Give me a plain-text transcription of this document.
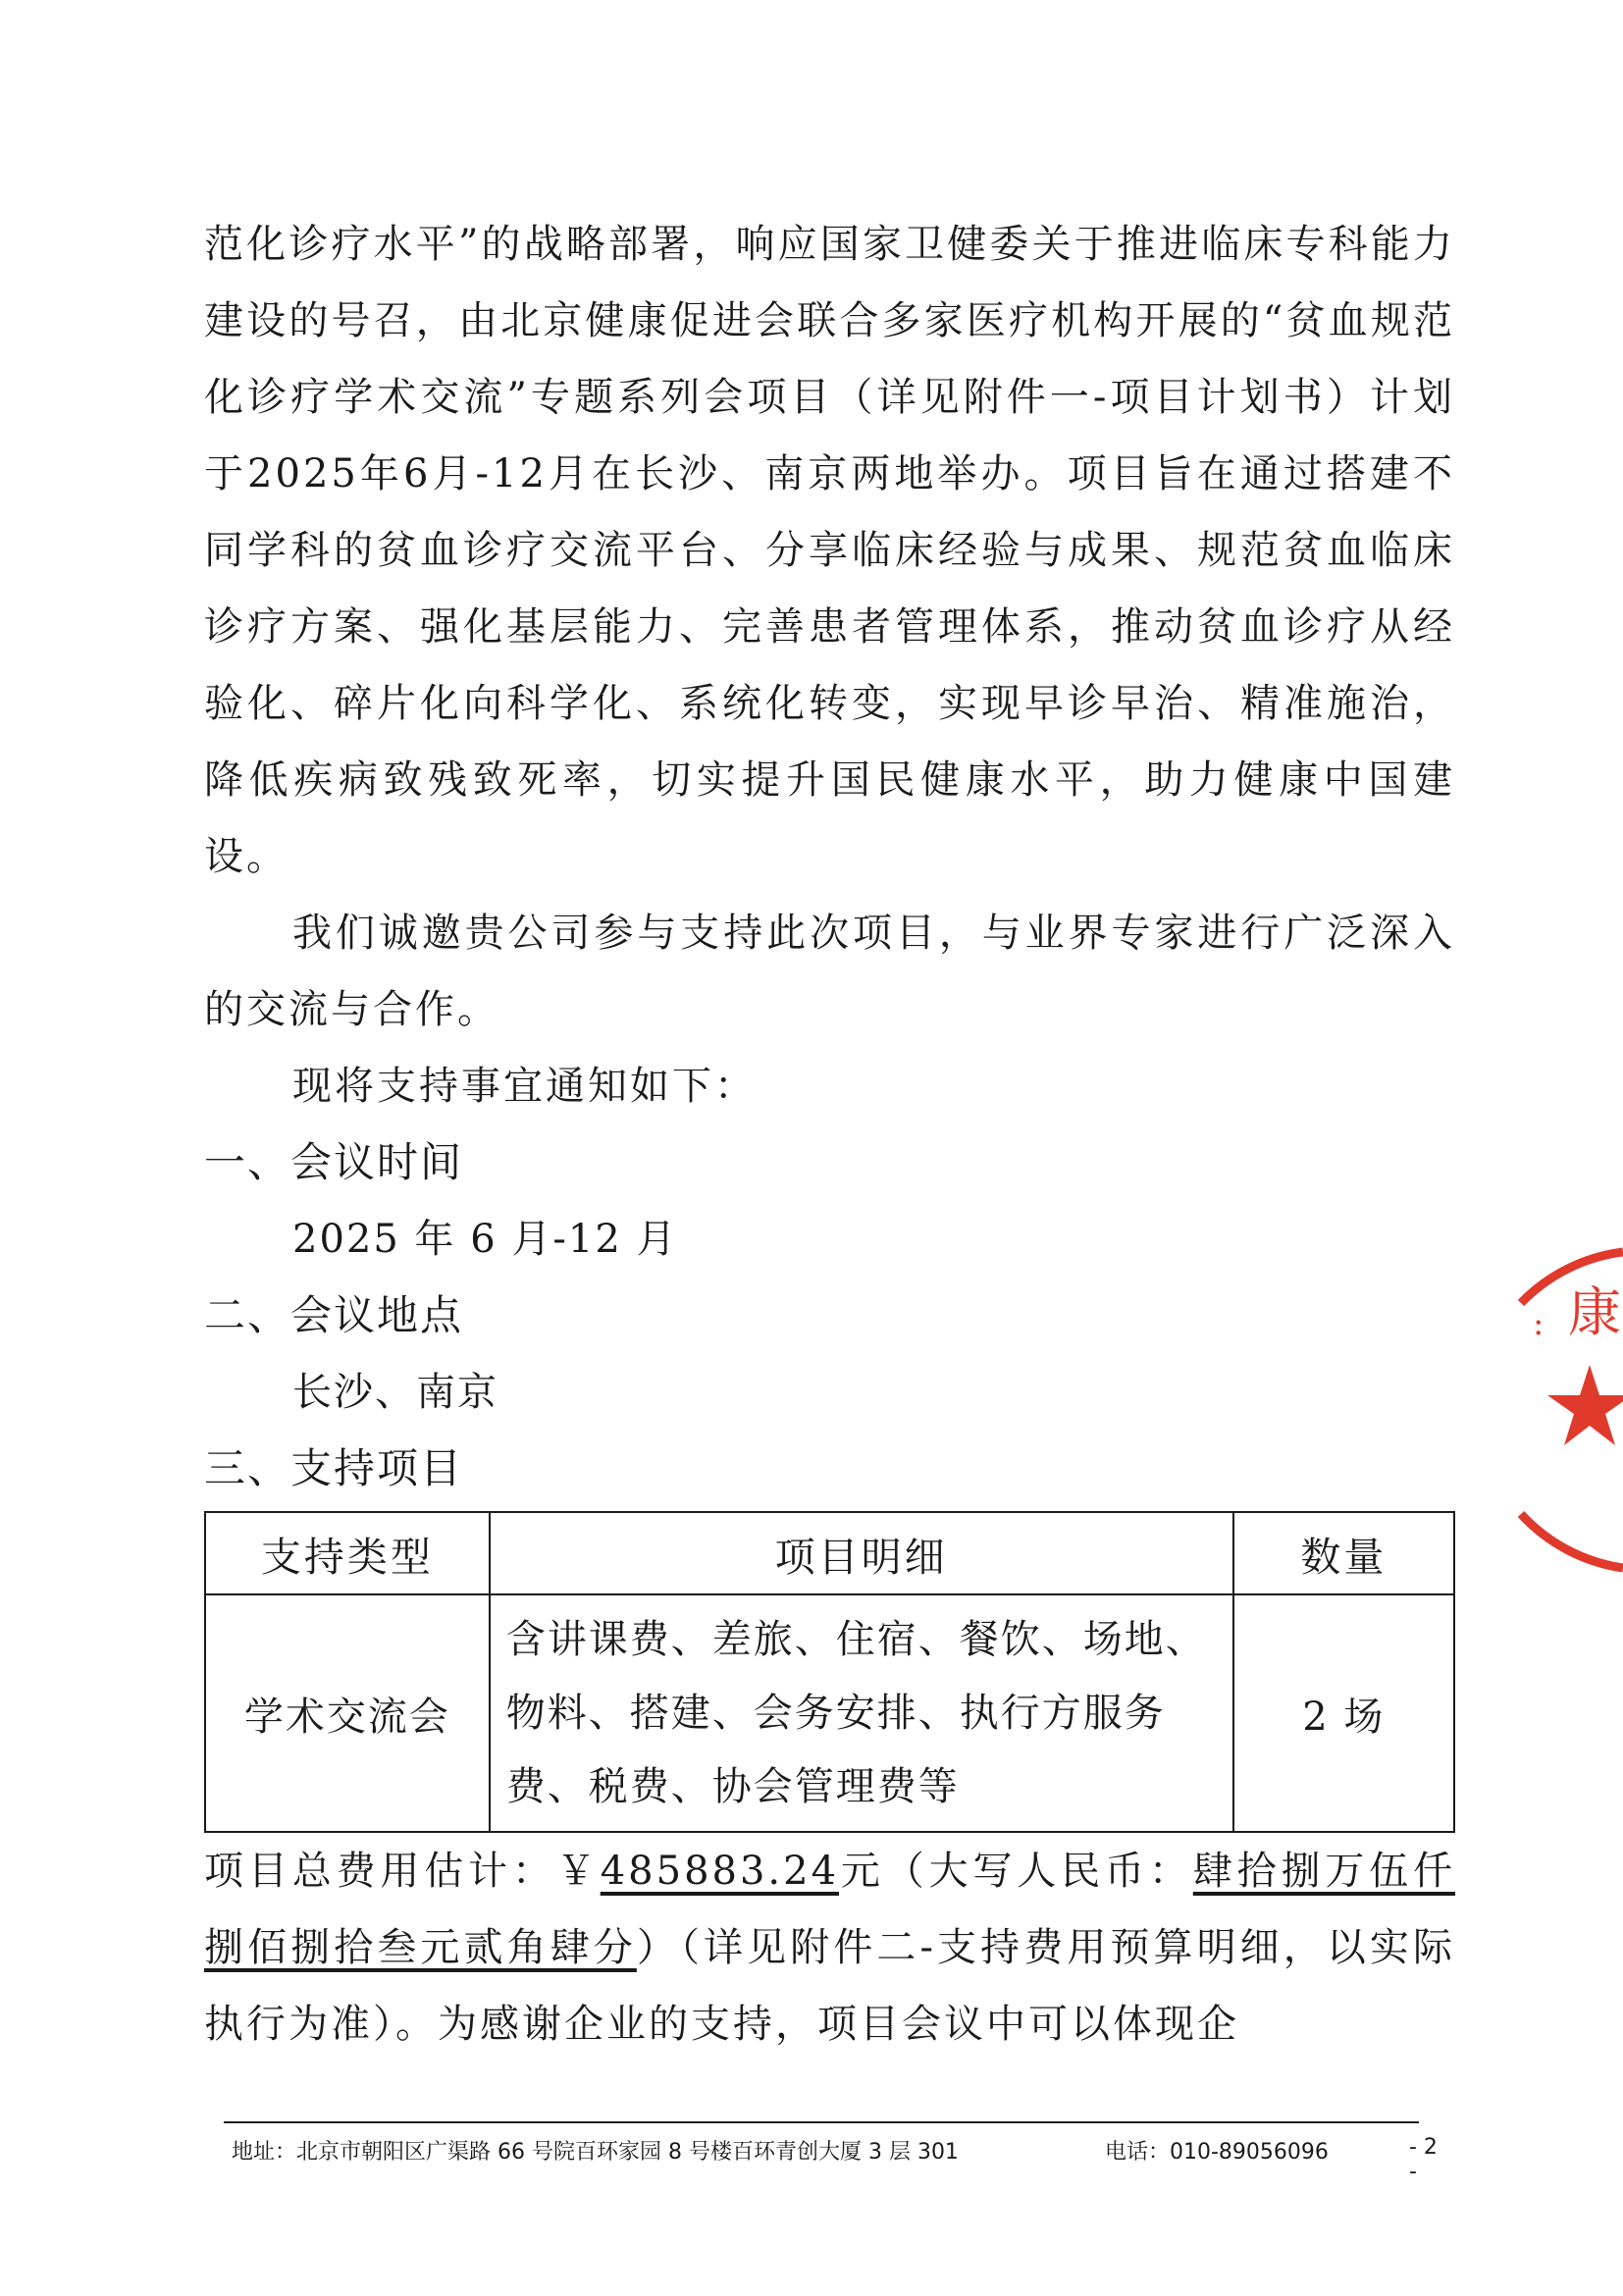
范化诊疗水平”的战略部署，响应国家卫健委关于推进临床专科能力建设的号召，由北京健康促进会联合多家医疗机构开展的“贫血规范化诊疗学术交流”专题系列会项目（详见附件一-项目计划书）计划于2025年6月-12月在长沙、南京两地举办。项目旨在通过搭建不同学科的贫血诊疗交流平台、分享临床经验与成果、规范贫血临床诊疗方案、强化基层能力、完善患者管理体系，推动贫血诊疗从经验化、碎片化向科学化、系统化转变，实现早诊早治、精准施治，降低疾病致残致死率，切实提升国民健康水平，助力健康中国建设。

我们诚邀贵公司参与支持此次项目，与业界专家进行广泛深入的交流与合作。

现将支持事宜通知如下：

一、会议时间

2025 年 6 月-12 月

二、会议地点

长沙、南京

三、支持项目
支持类型	项目明细	数量
学术交流会	含讲课费、差旅、住宿、餐饮、场地、物料、搭建、会务安排、执行方服务费、税费、协会管理费等	2 场

项目总费用估计：￥485883.24元（大写人民币：肆拾捌万伍仟捌佰捌拾叁元贰角肆分）（详见附件二-支持费用预算明细，以实际执行为准）。为感谢企业的支持，项目会议中可以体现企

地址：北京市朝阳区广渠路 66 号院百环家园 8 号楼百环青创大厦 3 层 301	电话：010-89056096	- 2 -
康
:
